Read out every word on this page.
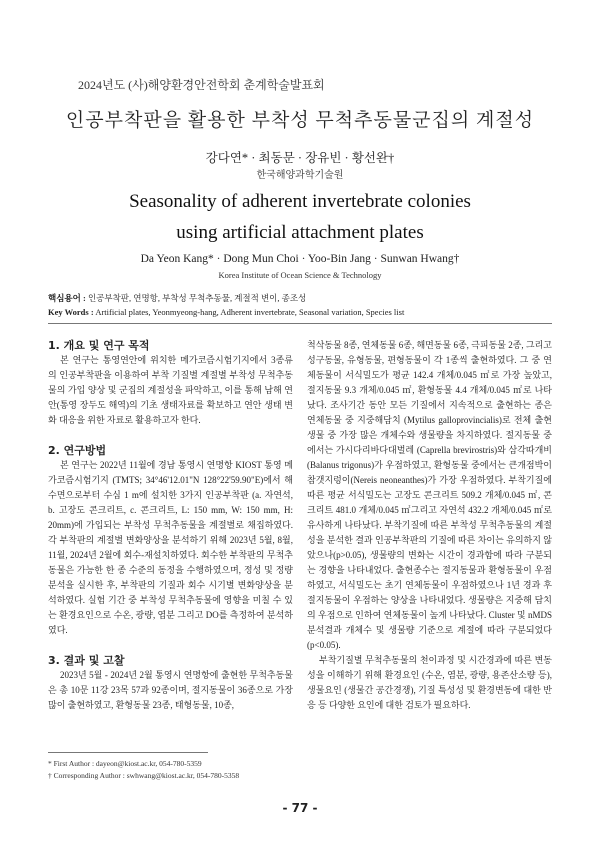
2024년도 (사)해양환경안전학회 춘계학술발표회
인공부착판을 활용한 부착성 무척추동물군집의 계절성
강다연* · 최동문 · 장유빈 · 황선완†
한국해양과학기술원
Seasonality of adherent invertebrate colonies
using artificial attachment plates
Da Yeon Kang* · Dong Mun Choi · Yoo-Bin Jang · Sunwan Hwang†
Korea Institute of Ocean Science & Technology
핵심용어 : 인공부착판, 연명항, 부착성 무척추동물, 계절적 변이, 종조성
Key Words : Artificial plates, Yeonmyeong-hang, Adherent invertebrate, Seasonal variation, Species list
1. 개요 및 연구 목적

본 연구는 통영연안에 위치한 메가코즘시험기지에서 3종류의 인공부착판을 이용하여 부착 기질별 계절별 부착성 무척추동물의 가입 양상 및 군집의 계절성을 파악하고, 이를 통해 남해 연안(통영 장두도 해역)의 기초 생태자료를 확보하고 연안 생태 변화 대응을 위한 자료로 활용하고자 한다.

2. 연구방법

본 연구는 2022년 11월에 경남 통영시 연명항 KIOST 통영 메가코즘시험기지 (TMTS; 34°46'12.01"N 128°22'59.90"E)에서 해수면으로부터 수심 1 m에 설치한 3가지 인공부착판 (a. 자연석, b. 고장도 콘크리트, c. 콘크리트, L: 150 mm, W: 150 mm, H: 20mm)에 가입되는 부착성 무척추동물을 계절별로 채집하였다. 각 부착판의 계절별 변화양상을 분석하기 위해 2023년 5월, 8월, 11월, 2024년 2월에 회수-재설치하였다. 회수한 부착판의 무척추동물은 가능한 한 종 수준의 동정을 수행하였으며, 정성 및 정량분석을 실시한 후, 부착판의 기질과 회수 시기별 변화양상을 분석하였다. 실험 기간 중 부착성 무척추동물에 영향을 미칠 수 있는 환경요인으로 수온, 광량, 엽분 그리고 DO를 측정하여 분석하였다.

3. 결과 및 고찰

2023년 5월 - 2024년 2월 통영시 연명항에 출현한 무척추동물은 총 10문 11강 23목 57과 92종이며, 절지동물이 36종으로 가장 많이 출현하였고, 환형동물 23종, 태형동물, 10종,

척삭동물 8종, 연체동물 6종, 해면동물 6종, 극피동물 2종, 그리고 성구동물, 유형동물, 편형동물이 각 1종씩 출현하였다. 그 중 연체동물이 서식밀도가 평균 142.4 개체/0.045 ㎡로 가장 높았고, 절지동물 9.3 개체/0.045 ㎡, 환형동물 4.4 개체/0.045 ㎡로 나타났다. 조사기간 동안 모든 기질에서 지속적으로 출현하는 종은 연체동물 중 지중해담치 (Mytilus galloprovincialis)로 전체 출현생물 중 가장 많은 개체수와 생물량을 차지하였다. 절지동물 중에서는 가시다리바다대벌레 (Caprella brevirostris)와 삼각따개비(Balanus trigonus)가 우점하였고, 환형동물 중에서는 큰개점박이참갯지렁이(Nereis neoneanthes)가 가장 우점하였다. 부착기질에 따른 평균 서식밀도는 고장도 콘크리트 509.2 개체/0.045 ㎡, 콘크리트 481.0 개체/0.045 ㎡그리고 자연석 432.2 개체/0.045 ㎡로 유사하게 나타났다. 부착기질에 따른 부착성 무척추동물의 계절성을 분석한 결과 인공부착판의 기질에 따른 차이는 유의하지 않았으나(p>0.05), 생물량의 변화는 시간이 경과함에 따라 구분되는 경향을 나타내었다. 출현종수는 절지동물과 환형동물이 우점하였고, 서식밀도는 초기 연체동물이 우점하였으나 1년 경과 후 절지동물이 우점하는 양상을 나타내었다. 생물량은 지중해 담치의 우점으로 인하여 연체동물이 높게 나타났다. Cluster 및 nMDS분석결과 개체수 및 생물량 기준으로 계절에 따라 구분되었다(p<0.05).

부착기질별 무척추동물의 천이과정 및 시간경과에 따른 변동성을 이해하기 위해 환경요인 (수온, 염분, 광량, 용존산소량 등), 생물요인 (생물간 공간경쟁), 기질 특성성 및 환경변동에 대한 반응 등 다양한 요인에 대한 검토가 필요하다.

* First Author : dayeon@kiost.ac.kr, 054-780-5359
† Corresponding Author : swhwang@kiost.ac.kr, 054-780-5358
- 77 -
